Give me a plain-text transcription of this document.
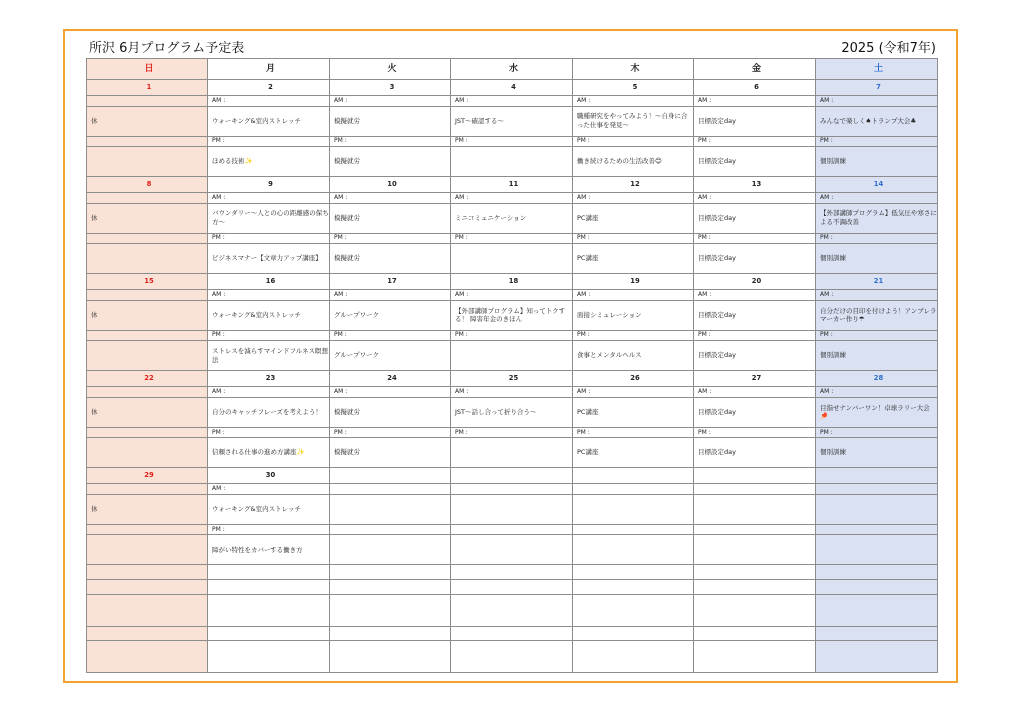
所沢 6月プログラム予定表	2025 (令和7年)
日	月	火	水	木	金	土
1	2	3	4	5	6	7
	AM :	AM :	AM :	AM :	AM :	AM :
休	ウォーキング&室内ストレッチ	模擬就労	JST～確認する～	職種研究をやってみよう！～自身に合った仕事を発見～	目標設定day	みんなで楽しく♠トランプ大会♣
	PM :	PM :	PM :	PM :	PM :	PM :
	ほめる技術✨	模擬就労		働き続けるための生活改善😊	目標設定day	個別訓練
8	9	10	11	12	13	14
	AM :	AM :	AM :	AM :	AM :	AM :
休	バウンダリー～人との心の距離感の保ち方～	模擬就労	ミニコミュニケーション	PC講座	目標設定day	【外部講師プログラム】低気圧や寒さによる不調改善
	PM :	PM :	PM :	PM :	PM :	PM :
	ビジネスマナー【文章力アップ講座】	模擬就労		PC講座	目標設定day	個別訓練
15	16	17	18	19	20	21
	AM :	AM :	AM :	AM :	AM :	AM :
休	ウォーキング&室内ストレッチ	グループワーク	【外部講師プログラム】知ってトクする！ 障害年金のきほん	面接シミュレーション	目標設定day	自分だけの目印を付けよう！アンブレラマーカー作り☂
	PM :	PM :	PM :	PM :	PM :	PM :
	ストレスを減らすマインドフルネス瞑想法	グループワーク		食事とメンタルヘルス	目標設定day	個別訓練
22	23	24	25	26	27	28
	AM :	AM :	AM :	AM :	AM :	AM :
休	自分のキャッチフレーズを考えよう！	模擬就労	JST～話し合って折り合う～	PC講座	目標設定day	目指せナンバーワン！卓球ラリー大会🏓
	PM :	PM :	PM :	PM :	PM :	PM :
	信頼される仕事の進め方講座✨	模擬就労		PC講座	目標設定day	個別訓練
29	30					
	AM :					
休	ウォーキング&室内ストレッチ					
	PM :					
	障がい特性をカバーする働き方					
